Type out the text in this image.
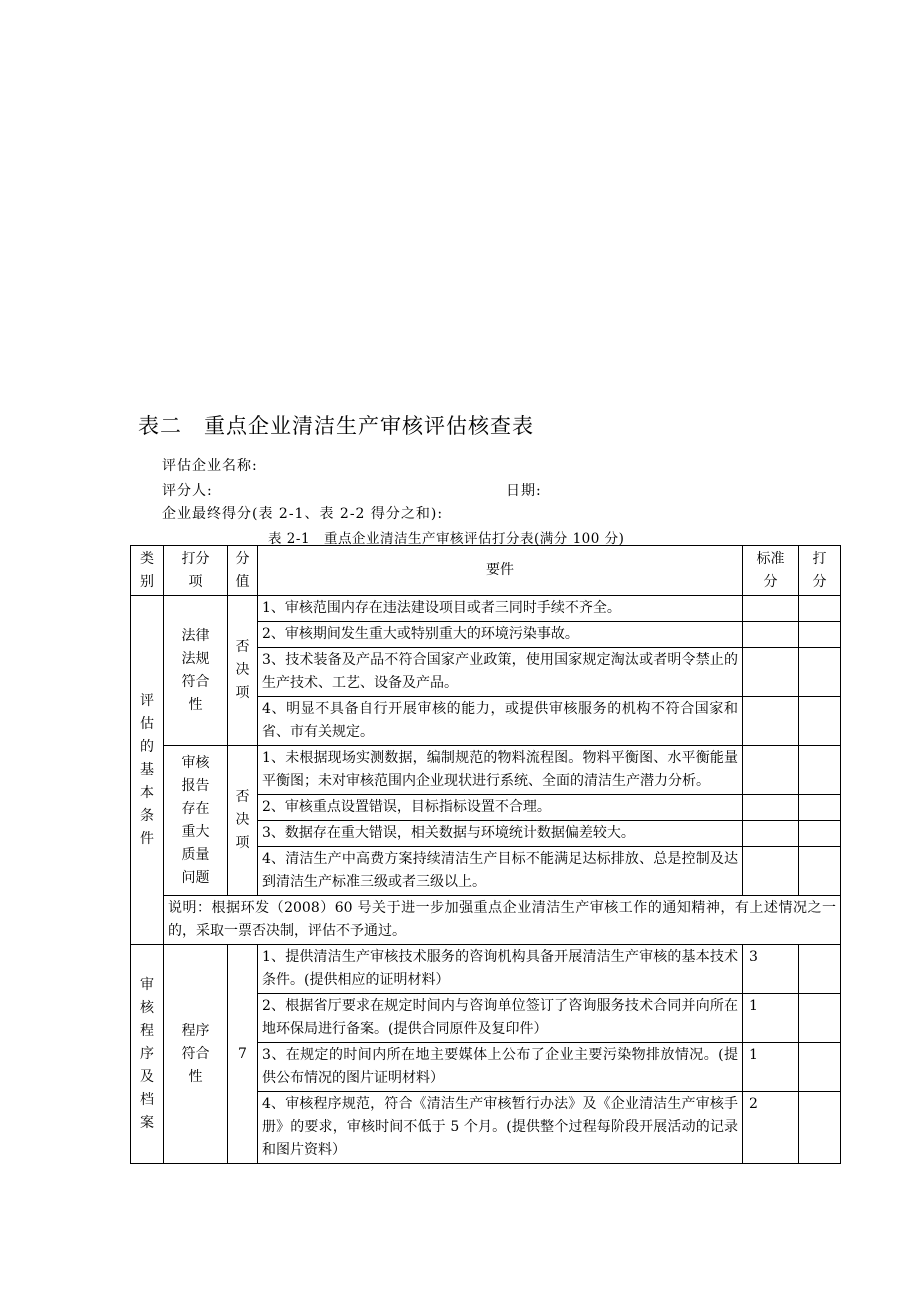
表二 重点企业清洁生产审核评估核查表
评估企业名称:
评分人:	日期:
企业最终得分(表 2-1、表 2-2 得分之和):
表 2-1　重点企业清洁生产审核评估打分表(满分 100 分)
类别	打分项	分值	要件	标准分	打分
评估的基本条件	法律法规符合性	否决项	1、审核范围内存在违法建设项目或者三同时手续不齐全。		
			2、审核期间发生重大或特别重大的环境污染事故。		
			3、技术装备及产品不符合国家产业政策，使用国家规定淘汰或者明令禁止的生产技术、工艺、设备及产品。		
			4、明显不具备自行开展审核的能力，或提供审核服务的机构不符合国家和省、市有关规定。		
	审核报告存在重大质量问题	否决项	1、未根据现场实测数据，编制规范的物料流程图。物料平衡图、水平衡能量平衡图；未对审核范围内企业现状进行系统、全面的清洁生产潜力分析。		
			2、审核重点设置错误，目标指标设置不合理。		
			3、数据存在重大错误，相关数据与环境统计数据偏差较大。		
			4、清洁生产中高费方案持续清洁生产目标不能满足达标排放、总是控制及达到清洁生产标准三级或者三级以上。		
	说明：根据环发（2008）60 号关于进一步加强重点企业清洁生产审核工作的通知精神，有上述情况之一的，采取一票否决制，评估不予通过。				
审核程序及档案	程序符合性	7	1、提供清洁生产审核技术服务的咨询机构具备开展清洁生产审核的基本技术条件。(提供相应的证明材料）	3	
			2、根据省厅要求在规定时间内与咨询单位签订了咨询服务技术合同并向所在地环保局进行备案。(提供合同原件及复印件）	1	
			3、在规定的时间内所在地主要媒体上公布了企业主要污染物排放情况。(提供公布情况的图片证明材料）	1	
			4、审核程序规范，符合《清洁生产审核暂行办法》及《企业清洁生产审核手册》的要求，审核时间不低于 5 个月。(提供整个过程每阶段开展活动的记录和图片资料）	2	
